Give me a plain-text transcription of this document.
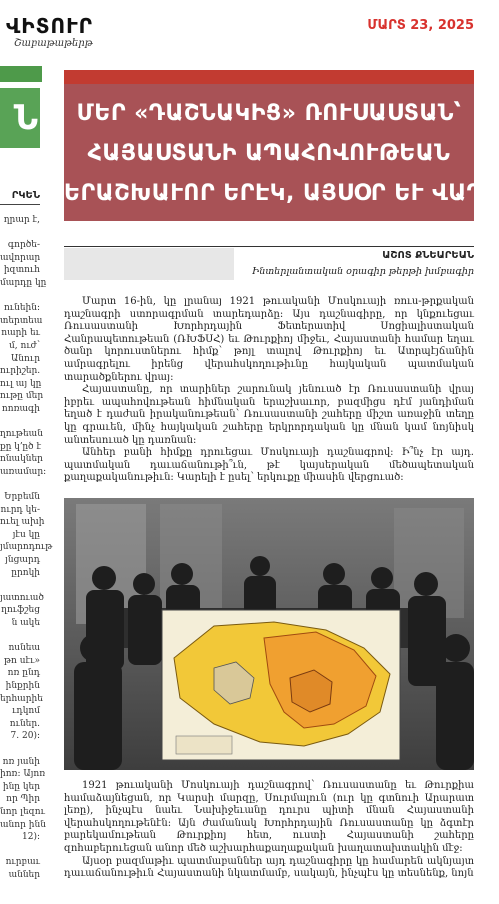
ՎԻՏՈՒՐ
Շաբաթաթերթ
ՄԱՐՏ 23, 2025
Ն
ՐԿԵՆ
ղրար է,

գործե-
ավորար
իզտուհ
մարդը կը

ունեին:
տերտեա
ոարի եւ
մ, ուժ՝
Անուր
ուրիշեր.
ուլ այ կը
ութը մեր
ոոռագի

ղութեան
քը կ՚ըծ է
ոնակներ
առամար:

Երբեմն
ուրդ կե-
ուել ախի
յէս կը
յմարոդութ
յնցարդ
ըրոկի

յատուած
ղուֆշեց
ն ակե

ոսնեա
թո սէւ»
ոռ ընդ
ինքրին
երհարիե
ւդկոմ
ուներ.
7. 20):

ոռ յանի
իոռ: Այոռ
ինը կեր
որ Պիր
նոր լեզու
անոր ինն
12):

ուրբաւ
աններ
ՄԵՐ «ԴԱՇՆԱԿԻՑ» ՌՈՒՍԱՍՏԱՆ՝
ՀԱՅԱՍՏԱՆԻ ԱՊԱՀՈՎՈՒԹԵԱՆ
ԵՐԱՇԽԱՒՈՐ ԵՐԷԿ, ԱՅՍՕՐ ԵՒ ՎԱՂԸ
ԱՇՈՏ ՔՆԵԱՐԵԱՆ
Ինտերլանտական օրագիր թերթի խմբագիր

Մարտ 16-ին, կը լրանայ 1921 թուականի Մոսկուայի ռուս-թրքական դաշնագրի ստորագրման տարեդարձը: Այս դաշնագիրը, որ կնքուեցաւ Ռուսաստանի Խորհրդային Ֆետերատիվ Սոցիալիստական Հանրապետութեան (ՌԽՖՍՀ) եւ Թուրքիոյ միջեւ, Հայաստանի համար եղաւ ծանր կորուստներու հիմք՝ թոյլ տալով Թուրքիոյ եւ Ատրպէյճանին ամրագրելու իրենց վերահսկողութիւնը հայկական պատմական տարածքներու վրայ:

Հայաստանը, որ տարիներ շարունակ յենուած էր Ռուսաստանի վրայ իբրեւ ապահովութեան հիմնական երաշխաւոր, բազմիցս դէմ յանդիման եղած է դաժան իրականութեան՝ Ռուսաստանի շահերը միշտ առաջին տեղը կը գրաւեն, մինչ հայկական շահերը երկրորդական կը մնան կամ նոյնիսկ անտեսուած կը դառնան:

Անհեր բանի հիմքը դրուեցաւ Մոսկուայի դաշնագրով: Ի՞նչ էր այդ. պատմական դաւաճանութի՞ւն, թէ կայսերական մեծապետական քաղաքականութիւն: Կարելի է ըսել՝ երկուքը միասին վերցուած:

1921 թուականի Մոսկուայի դաշնագրով՝ Ռուսաստանը եւ Թուրքիա համաձայնեցան, որ Կարսի մարզը, Սուրմալուն (ուր կը գտնուի Արարատ լեռը), ինչպէս նաեւ Նախիջեւանը դուրս պիտի մնան Հայաստանի վերահսկողութենէն: Այն ժամանակ Խորհրդային Ռուսաստանը կը ձգտէր բարեկամութեան Թուրքիոյ հետ, ուստի Հայաստանի շահերը զոհաբերուեցան անոր մեծ աշխարհաքաղաքական խաղատախտակին մէջ:

Այսօր բազմաթիւ պատմաբաններ այդ դաշնագիրը կը համարեն ակնյայտ դաւաճանութիւն Հայաստանի նկատմամբ, սակայն, ինչպէս կը տեսնենք, նոյն
